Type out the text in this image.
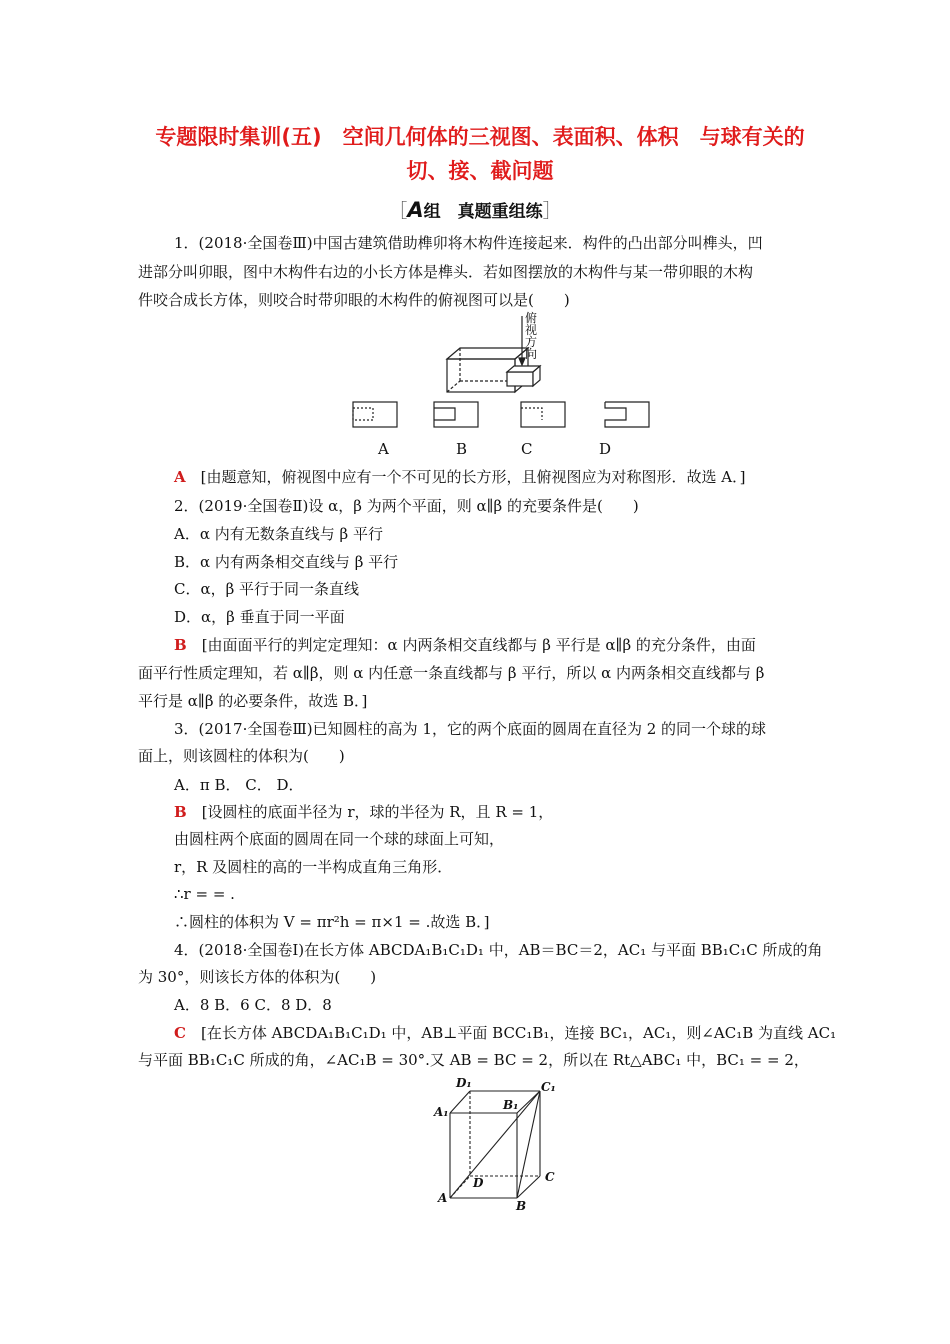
专题限时集训(五)　空间几何体的三视图、表面积、体积　与球有关的
切、接、截问题
［A组　真题重组练］
1．(2018·全国卷Ⅲ)中国古建筑借助榫卯将木构件连接起来．构件的凸出部分叫榫头，凹
进部分叫卯眼，图中木构件右边的小长方体是榫头．若如图摆放的木构件与某一带卯眼的木构
件咬合成长方体，则咬合时带卯眼的木构件的俯视图可以是(　　)
俯
视
方
向
A	B	C	D
A　 [由题意知，俯视图中应有一个不可见的长方形，且俯视图应为对称图形．故选 A．]
2．(2019·全国卷Ⅱ)设 α，β 为两个平面，则 α∥β 的充要条件是(　　)
A．α 内有无数条直线与 β 平行
B．α 内有两条相交直线与 β 平行
C．α，β 平行于同一条直线
D．α，β 垂直于同一平面
B　 [由面面平行的判定定理知：α 内两条相交直线都与 β 平行是 α∥β 的充分条件，由面
面平行性质定理知，若 α∥β，则 α 内任意一条直线都与 β 平行，所以 α 内两条相交直线都与 β
平行是 α∥β 的必要条件，故选 B．]
3．(2017·全国卷Ⅲ)已知圆柱的高为 1，它的两个底面的圆周在直径为 2 的同一个球的球
面上，则该圆柱的体积为(　　)
A．π B． C． D．
B　 [设圆柱的底面半径为 r，球的半径为 R，且 R = 1，
由圆柱两个底面的圆周在同一个球的球面上可知，
r，R 及圆柱的高的一半构成直角三角形．
∴r = = .
∴圆柱的体积为 V = πr²h = π×1 = .故选 B．]
4．(2018·全国卷Ⅰ)在长方体 ABCDA₁B₁C₁D₁ 中，AB＝BC＝2，AC₁ 与平面 BB₁C₁C 所成的角
为 30°，则该长方体的体积为(　　)
A．8 B．6 C．8 D．8
C　 [在长方体 ABCDA₁B₁C₁D₁ 中，AB⊥平面 BCC₁B₁，连接 BC₁，AC₁，则∠AC₁B 为直线 AC₁
与平面 BB₁C₁C 所成的角，∠AC₁B = 30°.又 AB = BC = 2，所以在 Rt△ABC₁ 中，BC₁ = = 2，
D₁	C₁
A₁	B₁
D	C
A
B
